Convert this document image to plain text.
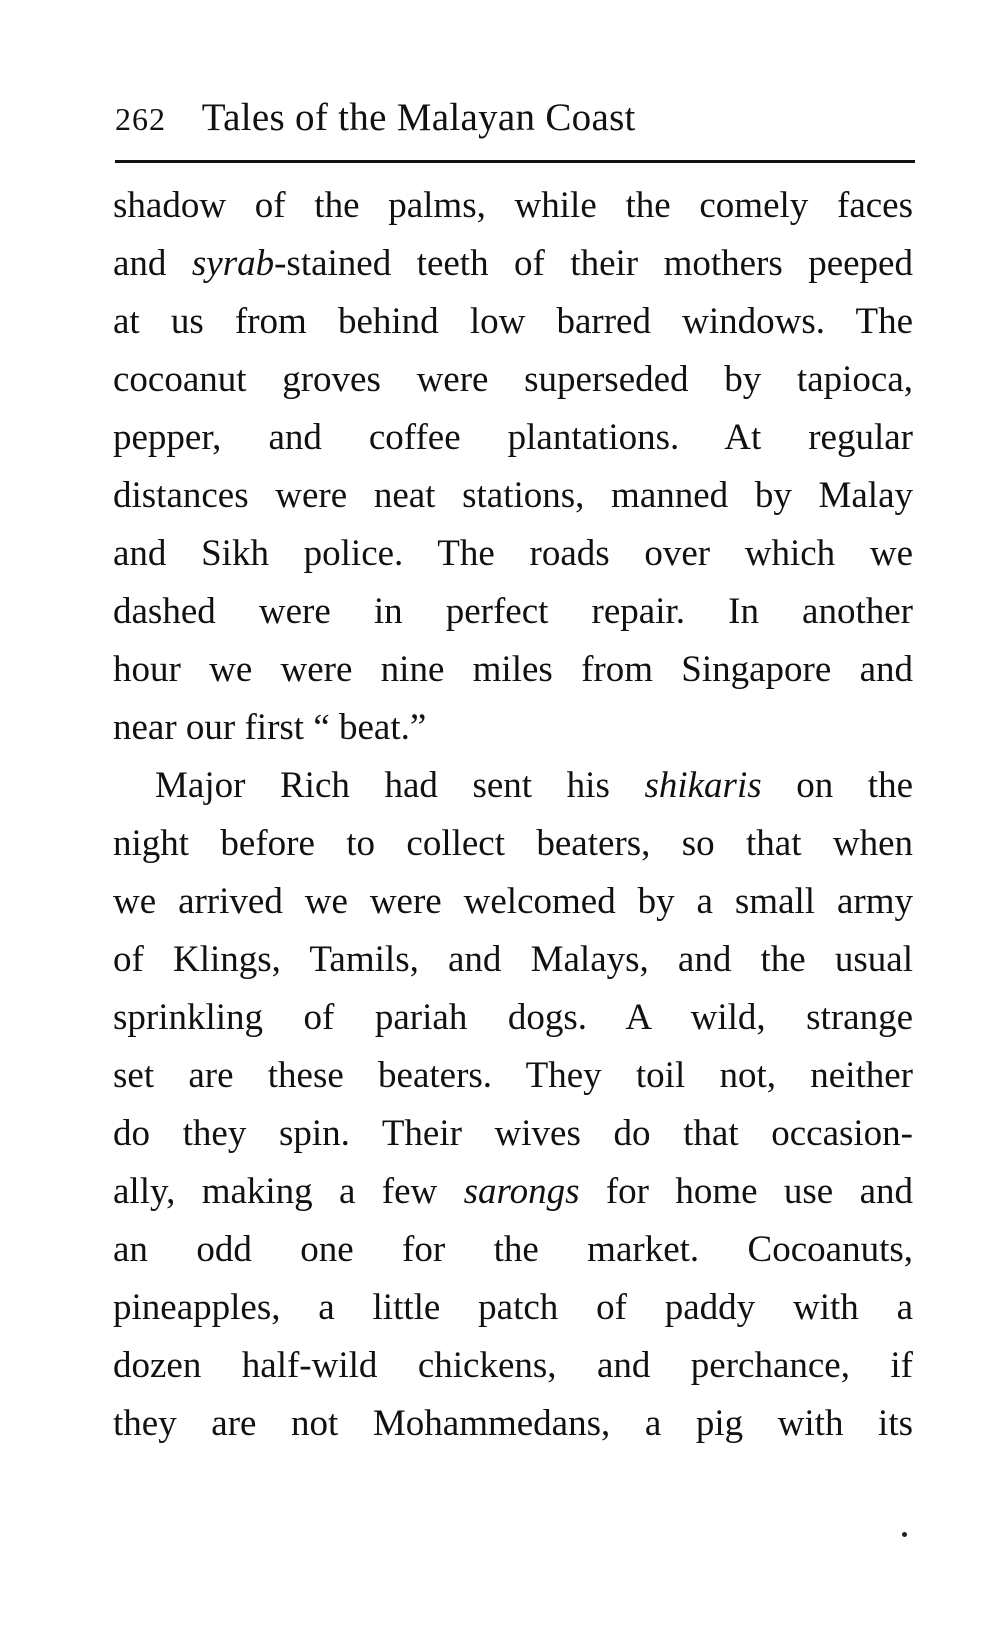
262 Tales of the Malayan Coast
shadow of the palms, while the comely faces
and syrab-stained teeth of their mothers peeped
at us from behind low barred windows. The
cocoanut groves were superseded by tapioca,
pepper, and coffee plantations. At regular
distances were neat stations, manned by Malay
and Sikh police. The roads over which we
dashed were in perfect repair. In another
hour we were nine miles from Singapore and
near our first “ beat.”
Major Rich had sent his shikaris on the
night before to collect beaters, so that when
we arrived we were welcomed by a small army
of Klings, Tamils, and Malays, and the usual
sprinkling of pariah dogs. A wild, strange
set are these beaters. They toil not, neither
do they spin. Their wives do that occasion-
ally, making a few sarongs for home use and
an odd one for the market. Cocoanuts,
pineapples, a little patch of paddy with a
dozen half-wild chickens, and perchance, if
they are not Mohammedans, a pig with its
